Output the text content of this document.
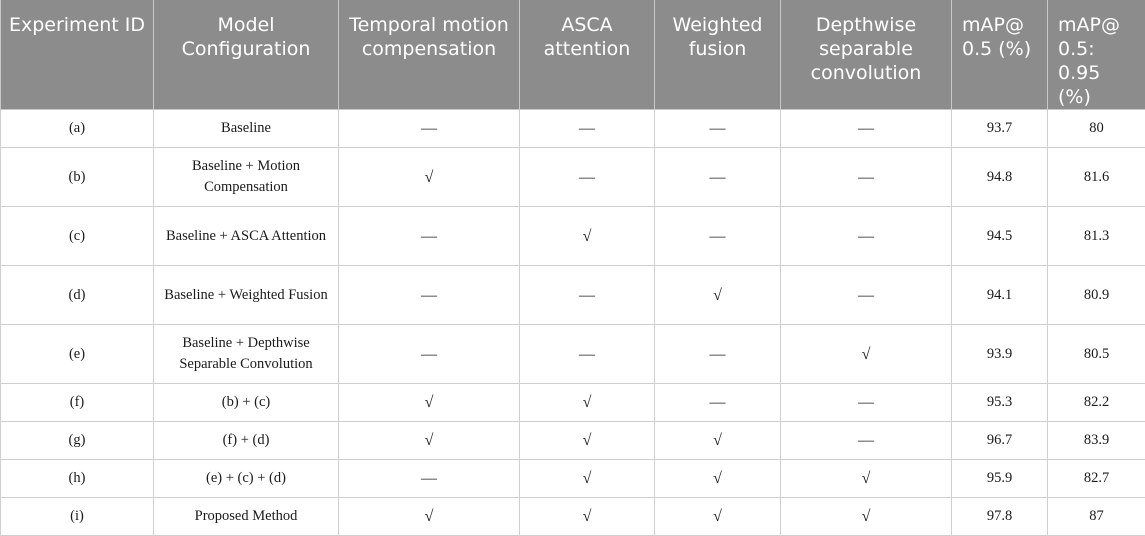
Experiment ID	Model Configuration	Temporal motion compensation	ASCA attention	Weighted fusion	Depthwise separable convolution	mAP@ 0.5 (%)	mAP@ 0.5: 0.95 (%)
(a)	Baseline	—	—	—	—	93.7	80
(b)	Baseline + Motion Compensation	√	—	—	—	94.8	81.6
(c)	Baseline + ASCA Attention	—	√	—	—	94.5	81.3
(d)	Baseline + Weighted Fusion	—	—	√	—	94.1	80.9
(e)	Baseline + Depthwise Separable Convolution	—	—	—	√	93.9	80.5
(f)	(b) + (c)	√	√	—	—	95.3	82.2
(g)	(f) + (d)	√	√	√	—	96.7	83.9
(h)	(e) + (c) + (d)	—	√	√	√	95.9	82.7
(i)	Proposed Method	√	√	√	√	97.8	87
